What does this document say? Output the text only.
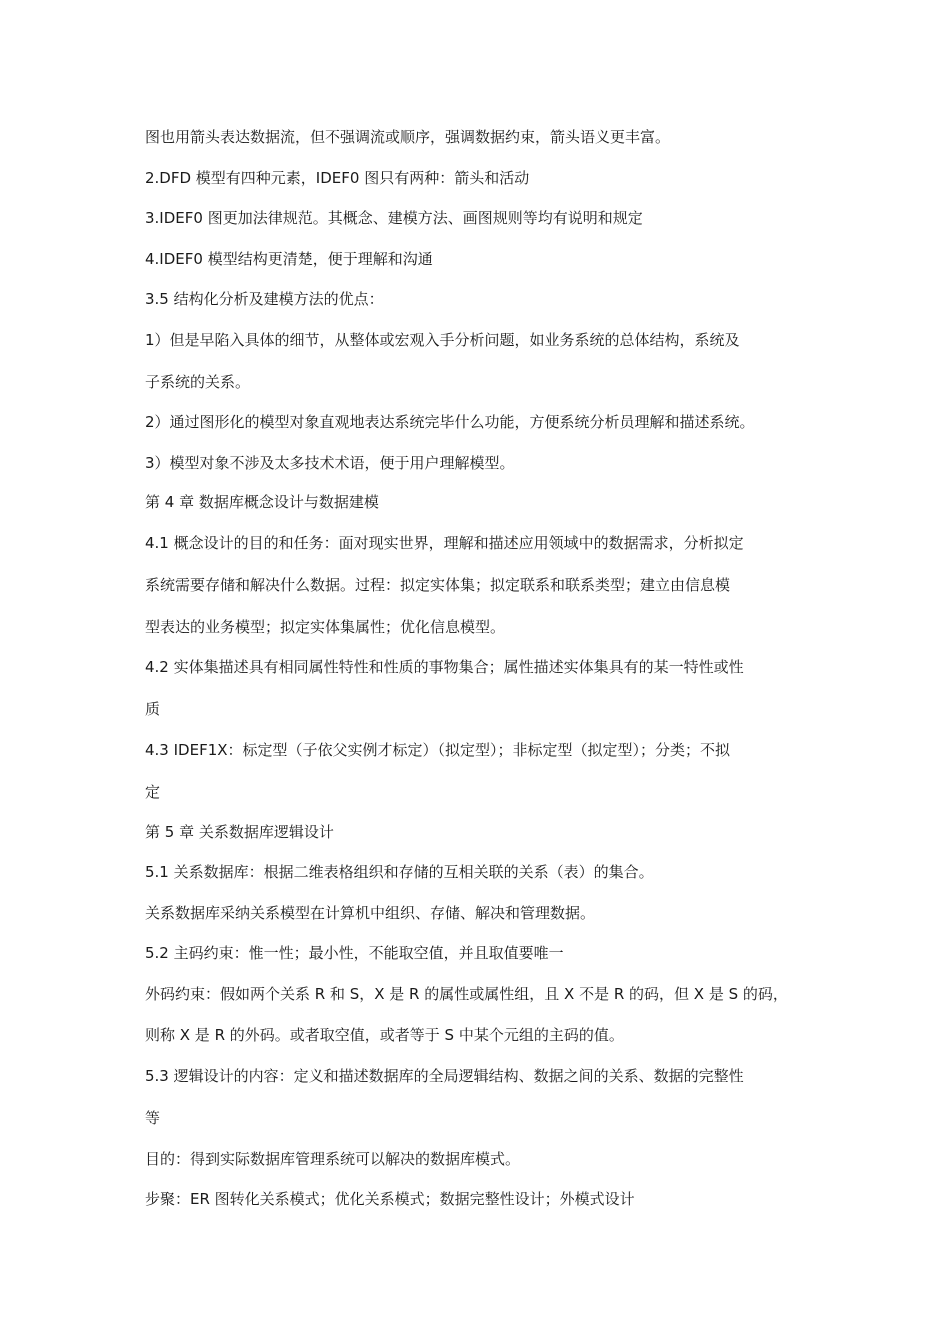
图也用箭头表达数据流，但不强调流或顺序，强调数据约束，箭头语义更丰富。

2.DFD 模型有四种元素，IDEF0 图只有两种：箭头和活动

3.IDEF0 图更加法律规范。其概念、建模方法、画图规则等均有说明和规定

4.IDEF0 模型结构更清楚，便于理解和沟通

3.5 结构化分析及建模方法的优点：

1）但是早陷入具体的细节，从整体或宏观入手分析问题，如业务系统的总体结构，系统及

子系统的关系。

2）通过图形化的模型对象直观地表达系统完毕什么功能，方便系统分析员理解和描述系统。

3）模型对象不涉及太多技术术语，便于用户理解模型。

第 4 章 数据库概念设计与数据建模

4.1 概念设计的目的和任务：面对现实世界，理解和描述应用领域中的数据需求，分析拟定

系统需要存储和解决什么数据。过程：拟定实体集；拟定联系和联系类型；建立由信息模

型表达的业务模型；拟定实体集属性；优化信息模型。

4.2 实体集描述具有相同属性特性和性质的事物集合；属性描述实体集具有的某一特性或性

质

4.3 IDEF1X：标定型（子依父实例才标定）（拟定型）；非标定型（拟定型）；分类；不拟

定

第 5 章 关系数据库逻辑设计

5.1 关系数据库：根据二维表格组织和存储的互相关联的关系（表）的集合。

关系数据库采纳关系模型在计算机中组织、存储、解决和管理数据。

5.2 主码约束：惟一性；最小性，不能取空值，并且取值要唯一

外码约束：假如两个关系 R 和 S，X 是 R 的属性或属性组，且 X 不是 R 的码，但 X 是 S 的码，

则称 X 是 R 的外码。或者取空值，或者等于 S 中某个元组的主码的值。

5.3 逻辑设计的内容：定义和描述数据库的全局逻辑结构、数据之间的关系、数据的完整性

等

目的：得到实际数据库管理系统可以解决的数据库模式。

步聚：ER 图转化关系模式；优化关系模式；数据完整性设计；外模式设计
